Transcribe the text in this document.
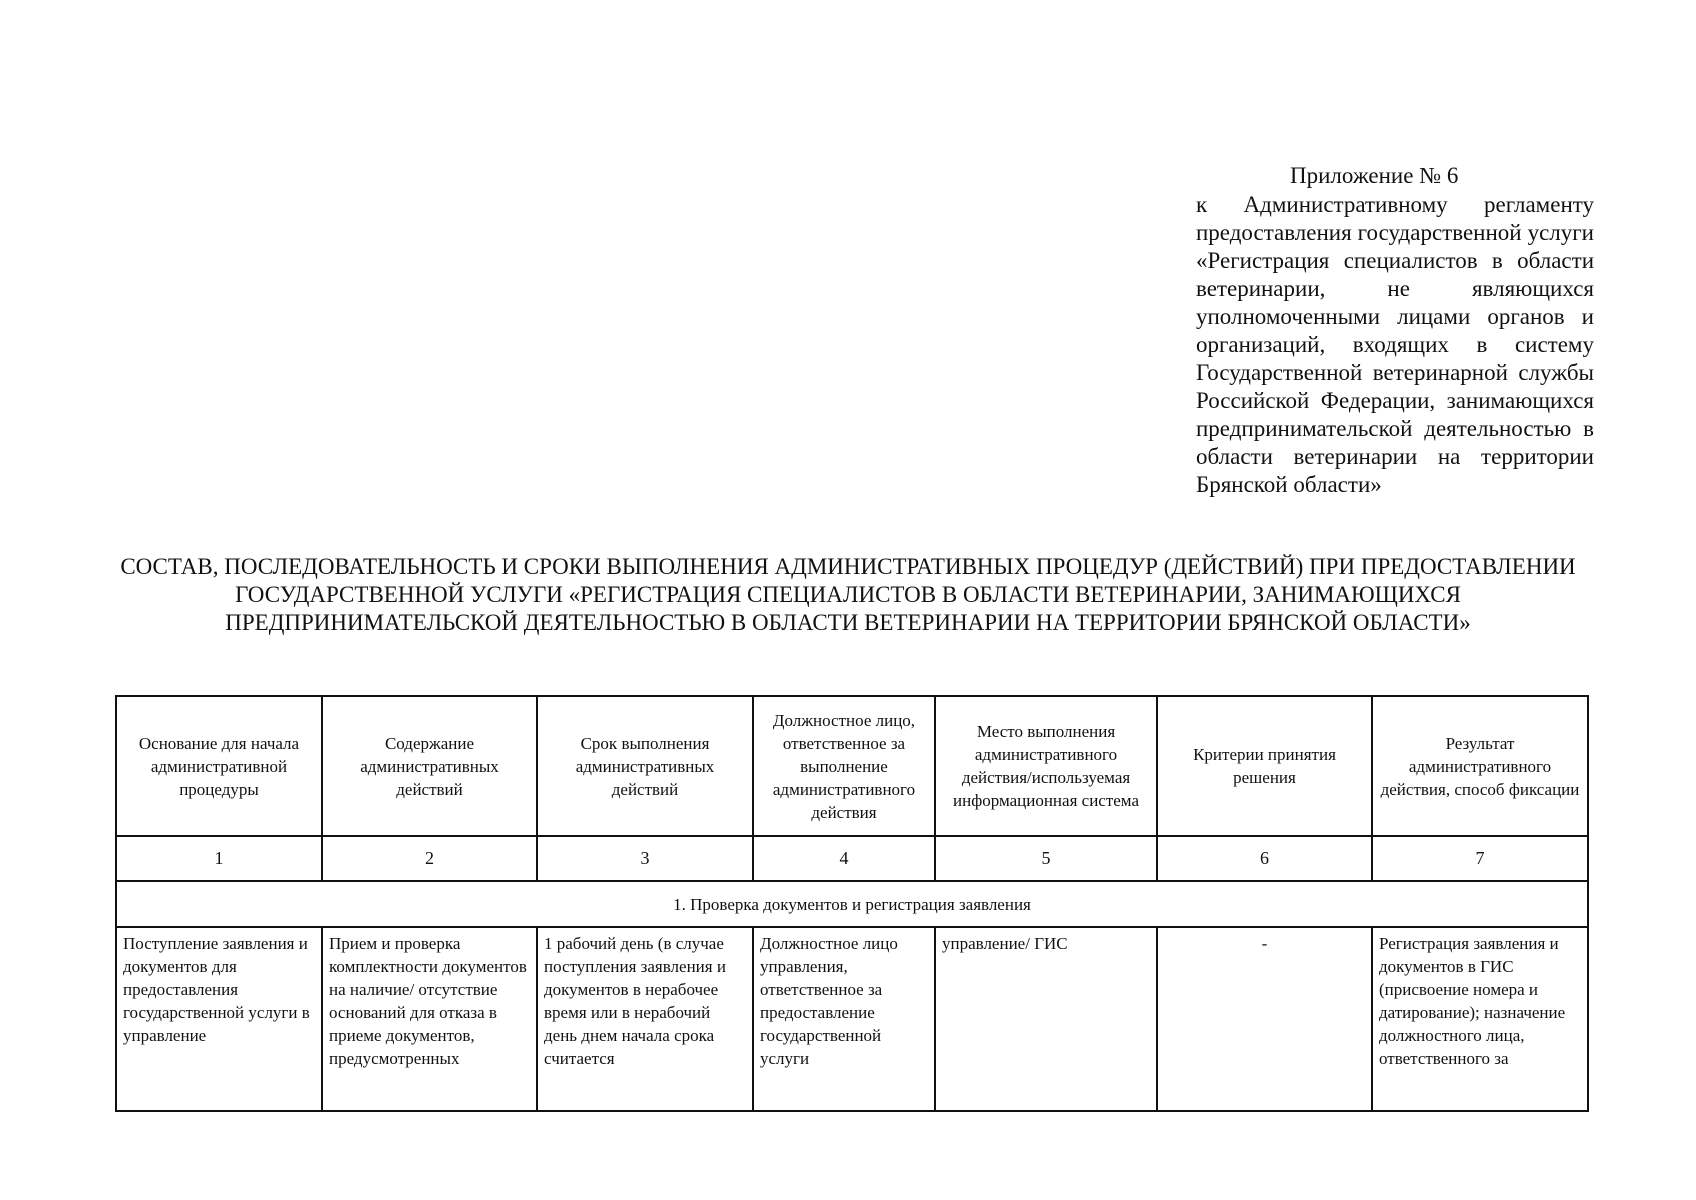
Приложение № 6
к Административному регламенту предоставления государственной услуги «Регистрация специалистов в области ветеринарии, не являющихся уполномоченными лицами органов и организаций, входящих в систему Государственной ветеринарной службы Российской Федерации, занимающихся предпринимательской деятельностью в области ветеринарии на территории Брянской области»
СОСТАВ, ПОСЛЕДОВАТЕЛЬНОСТЬ И СРОКИ ВЫПОЛНЕНИЯ АДМИНИСТРАТИВНЫХ ПРОЦЕДУР (ДЕЙСТВИЙ) ПРИ ПРЕДОСТАВЛЕНИИ ГОСУДАРСТВЕННОЙ УСЛУГИ «РЕГИСТРАЦИЯ СПЕЦИАЛИСТОВ В ОБЛАСТИ ВЕТЕРИНАРИИ, ЗАНИМАЮЩИХСЯ ПРЕДПРИНИМАТЕЛЬСКОЙ ДЕЯТЕЛЬНОСТЬЮ В ОБЛАСТИ ВЕТЕРИНАРИИ НА ТЕРРИТОРИИ БРЯНСКОЙ ОБЛАСТИ»
Основание для начала административной процедуры	Содержание административных действий	Срок выполнения административных действий	Должностное лицо, ответственное за выполнение административного действия	Место выполнения административного действия/используемая информационная система	Критерии принятия решения	Результат административного действия, способ фиксации
1	2	3	4	5	6	7
1. Проверка документов и регистрация заявления						

Поступление заявления и документов для предоставления государственной услуги в управление	Прием и проверка комплектности документов на наличие/ отсутствие оснований для отказа в приеме документов, предусмотренных	1 рабочий день (в случае поступления заявления и документов в нерабочее время или в нерабочий день днем начала срока считается	Должностное лицо управления, ответственное за предоставление государственной услуги	управление/ ГИС	-	Регистрация заявления и документов в ГИС (присвоение номера и датирование); назначение должностного лица, ответственного за
